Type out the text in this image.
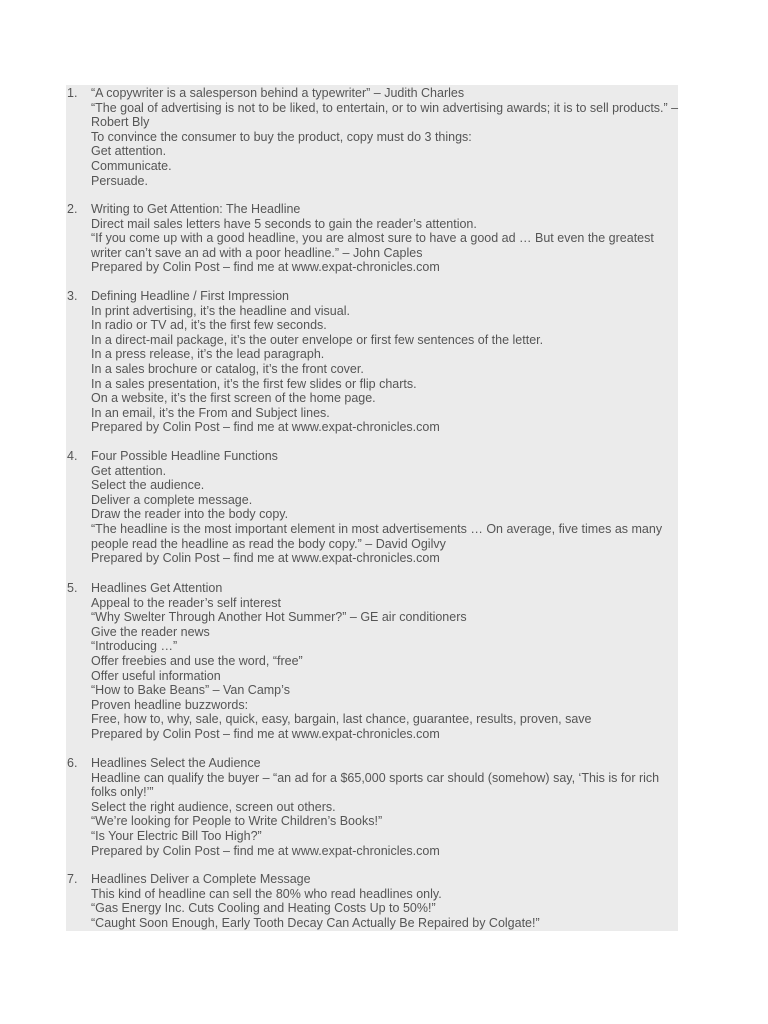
1. “A copywriter is a salesperson behind a typewriter” – Judith Charles
“The goal of advertising is not to be liked, to entertain, or to win advertising awards; it is to sell products.” – Robert Bly
To convince the consumer to buy the product, copy must do 3 things:
Get attention.
Communicate.
Persuade.
2. Writing to Get Attention: The Headline
Direct mail sales letters have 5 seconds to gain the reader’s attention.
“If you come up with a good headline, you are almost sure to have a good ad … But even the greatest writer can’t save an ad with a poor headline.” – John Caples
Prepared by Colin Post – find me at www.expat-chronicles.com
3. Defining Headline / First Impression
In print advertising, it’s the headline and visual.
In radio or TV ad, it’s the first few seconds.
In a direct-mail package, it’s the outer envelope or first few sentences of the letter.
In a press release, it’s the lead paragraph.
In a sales brochure or catalog, it’s the front cover.
In a sales presentation, it’s the first few slides or flip charts.
On a website, it’s the first screen of the home page.
In an email, it’s the From and Subject lines.
Prepared by Colin Post – find me at www.expat-chronicles.com
4. Four Possible Headline Functions
Get attention.
Select the audience.
Deliver a complete message.
Draw the reader into the body copy.
“The headline is the most important element in most advertisements … On average, five times as many people read the headline as read the body copy.” – David Ogilvy
Prepared by Colin Post – find me at www.expat-chronicles.com
5. Headlines Get Attention
Appeal to the reader’s self interest
“Why Swelter Through Another Hot Summer?” – GE air conditioners
Give the reader news
“Introducing …”
Offer freebies and use the word, “free”
Offer useful information
“How to Bake Beans” – Van Camp’s
Proven headline buzzwords:
Free, how to, why, sale, quick, easy, bargain, last chance, guarantee, results, proven, save
Prepared by Colin Post – find me at www.expat-chronicles.com
6. Headlines Select the Audience
Headline can qualify the buyer – “an ad for a $65,000 sports car should (somehow) say, ‘This is for rich folks only!’”
Select the right audience, screen out others.
“We’re looking for People to Write Children’s Books!”
“Is Your Electric Bill Too High?”
Prepared by Colin Post – find me at www.expat-chronicles.com
7. Headlines Deliver a Complete Message
This kind of headline can sell the 80% who read headlines only.
“Gas Energy Inc. Cuts Cooling and Heating Costs Up to 50%!”
“Caught Soon Enough, Early Tooth Decay Can Actually Be Repaired by Colgate!”
